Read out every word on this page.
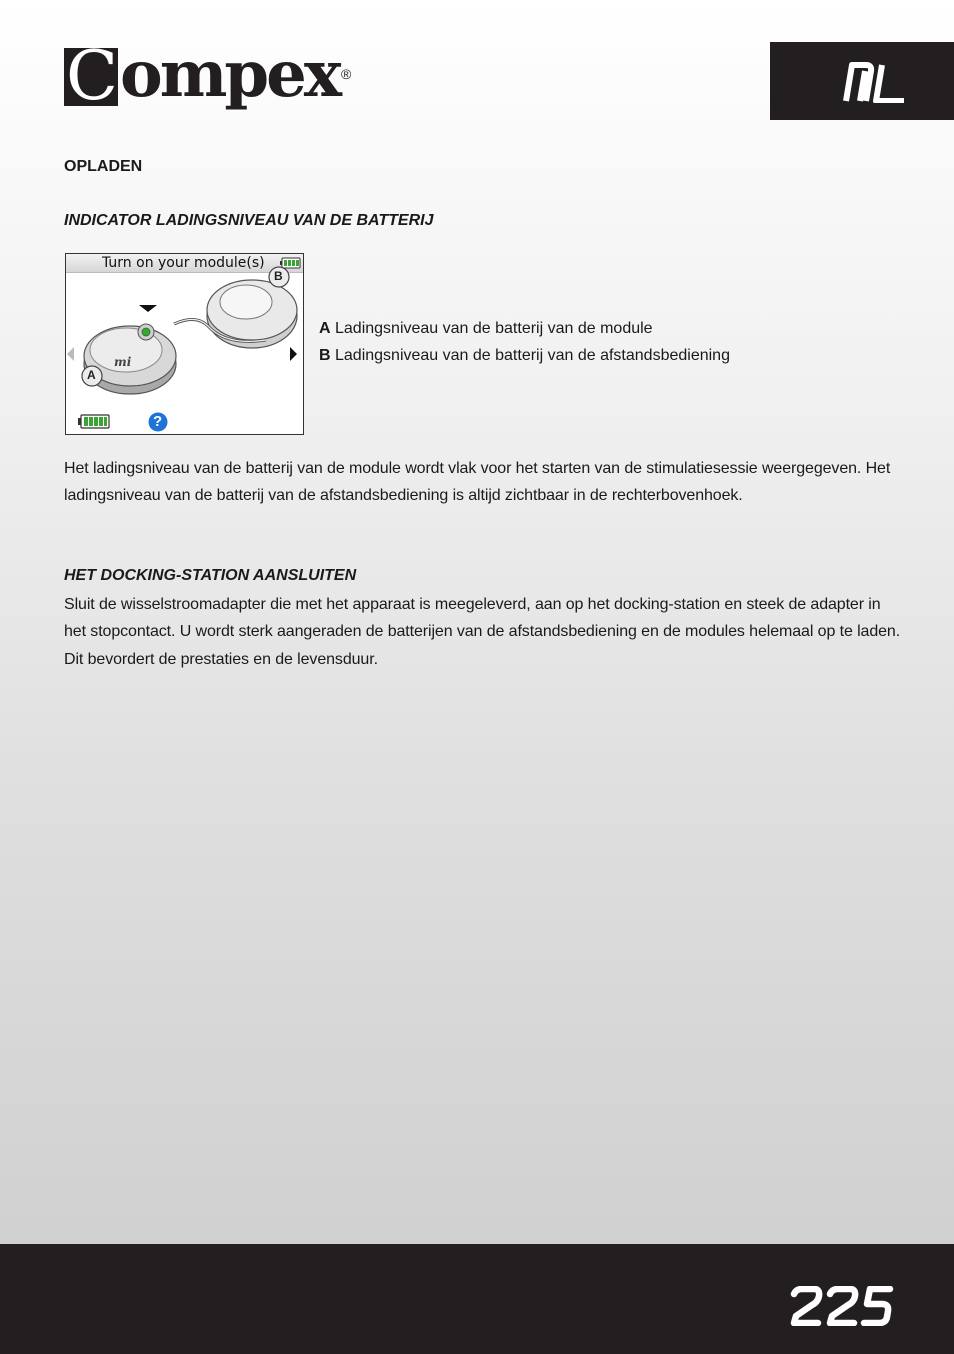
C ompex ®
OPLADEN
INDICATOR LADINGSNIVEAU VAN DE BATTERIJ
Turn on your module(s)
mi
B
A
?
A Ladingsniveau van de batterij van de module
B Ladingsniveau van de batterij van de afstandsbediening
Het ladingsniveau van de batterij van de module wordt vlak voor het starten van de stimulatiesessie weergegeven. Het ladingsniveau van de batterij van de afstandsbediening is altijd zichtbaar in de rechterbovenhoek.
HET DOCKING-STATION AANSLUITEN
Sluit de wisselstroomadapter die met het apparaat is meegeleverd, aan op het docking-station en steek de adapter in het stopcontact. U wordt sterk aangeraden de batterijen van de afstandsbediening en de modules helemaal op te laden. Dit bevordert de prestaties en de levensduur.
